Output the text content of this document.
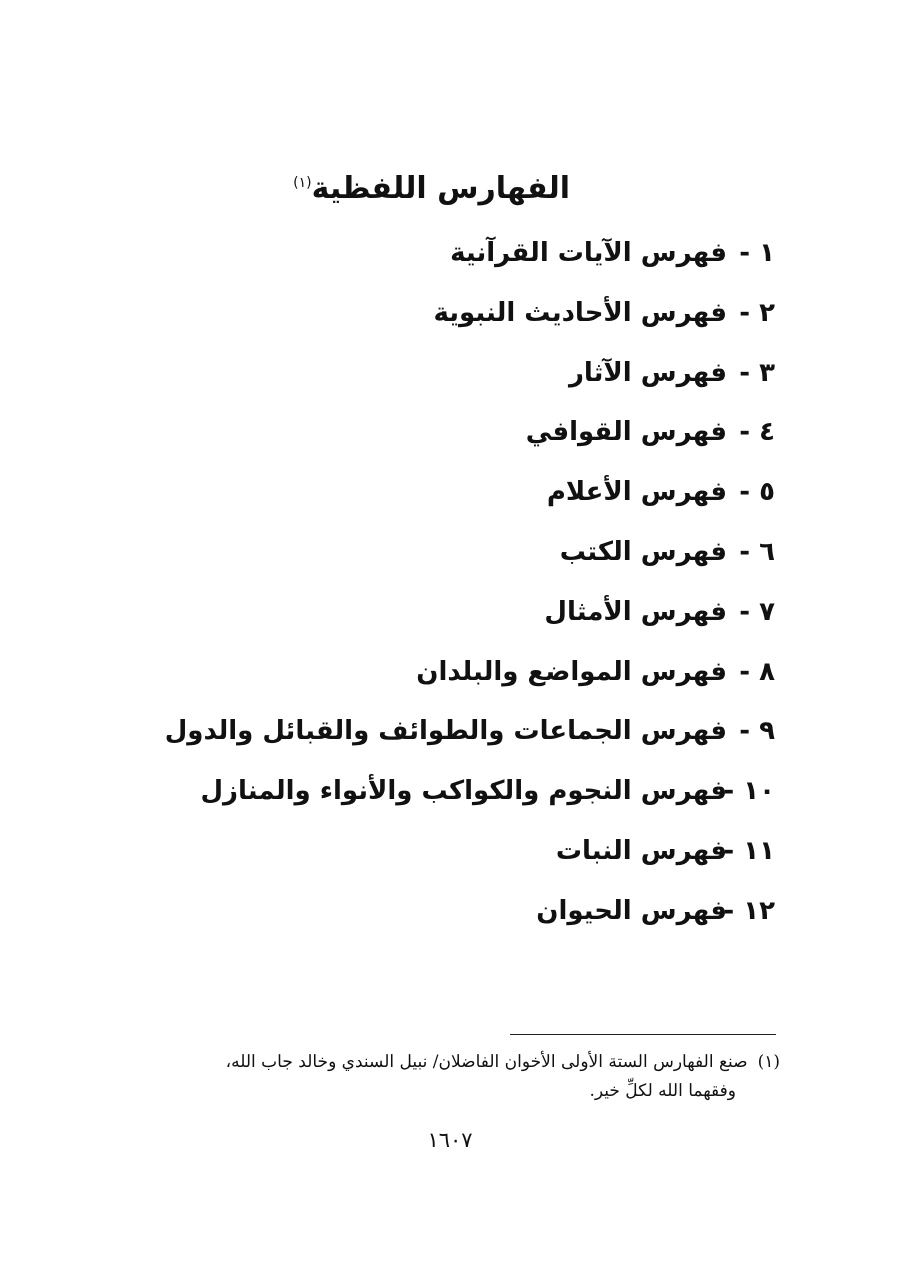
الفهارس اللفظية$^{(١)}$
١ -فهرس الآيات القرآنية
٢ -فهرس الأحاديث النبوية
٣ -فهرس الآثار
٤ -فهرس القوافي
٥ -فهرس الأعلام
٦ -فهرس الكتب
٧ -فهرس الأمثال
٨ -فهرس المواضع والبلدان
٩ -فهرس الجماعات والطوائف والقبائل والدول
١٠ -فهرس النجوم والكواكب والأنواء والمنازل
١١ -فهرس النبات
١٢ -فهرس الحيوان
(١)صنع الفهارس الستة الأولى الأخوان الفاضلان/ نبيل السندي وخالد جاب الله،
وفقهما الله لكلِّ خير.
١٦٠٧
